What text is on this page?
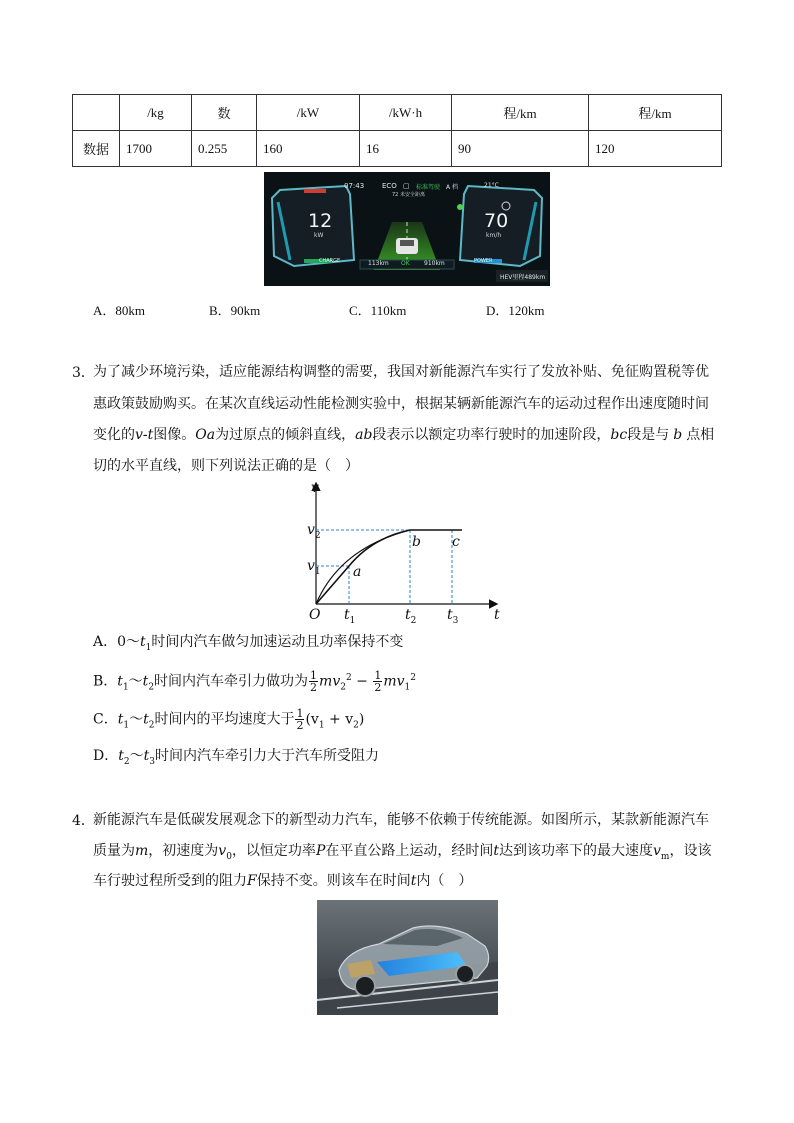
	/kg	数	/kW	/kW·h	程/km	程/km
数据	1700	0.255	160	16	90	120
07:43	ECO ▢ 标准驾驶 A 档	21°C
72 米安全距离
12
kW
70
km/h
CHARGE	POWER
113km OK 910km
HEV里程489km
A．80km	B．90km	C．110km	D．120km
3．
为了减少环境污染，适应能源结构调整的需要，我国对新能源汽车实行了发放补贴、免征购置税等优
惠政策鼓励购买。在某次直线运动性能检测实验中，根据某辆新能源汽车的运动过程作出速度随时间
变化的v-t图像。Oa为过原点的倾斜直线，ab段表示以额定功率行驶时的加速阶段，bc段是与 b 点相
切的水平直线，则下列说法正确的是（　）
v
$v_2$
$v_1$ a
b c
O $t_1$	$t_2$ $t_3$	t
A．$0\sim t_1$时间内汽车做匀加速运动且功率保持不变
B．$t_1\sim t_2$时间内汽车牵引力做功为 $\frac{1}{2} mv_2^2 - \frac{1}{2} mv_1^2$
C．$t_1\sim t_2$时间内的平均速度大于 $\frac{1}{2} (v_1 + v_2)$
D．$t_2\sim t_3$时间内汽车牵引力大于汽车所受阻力
4．
新能源汽车是低碳发展观念下的新型动力汽车，能够不依赖于传统能源。如图所示，某款新能源汽车
质量为m，初速度为$v_0$，以恒定功率P在平直公路上运动，经时间t达到该功率下的最大速度$v_m$，设该
车行驶过程所受到的阻力F保持不变。则该车在时间t内（　）
